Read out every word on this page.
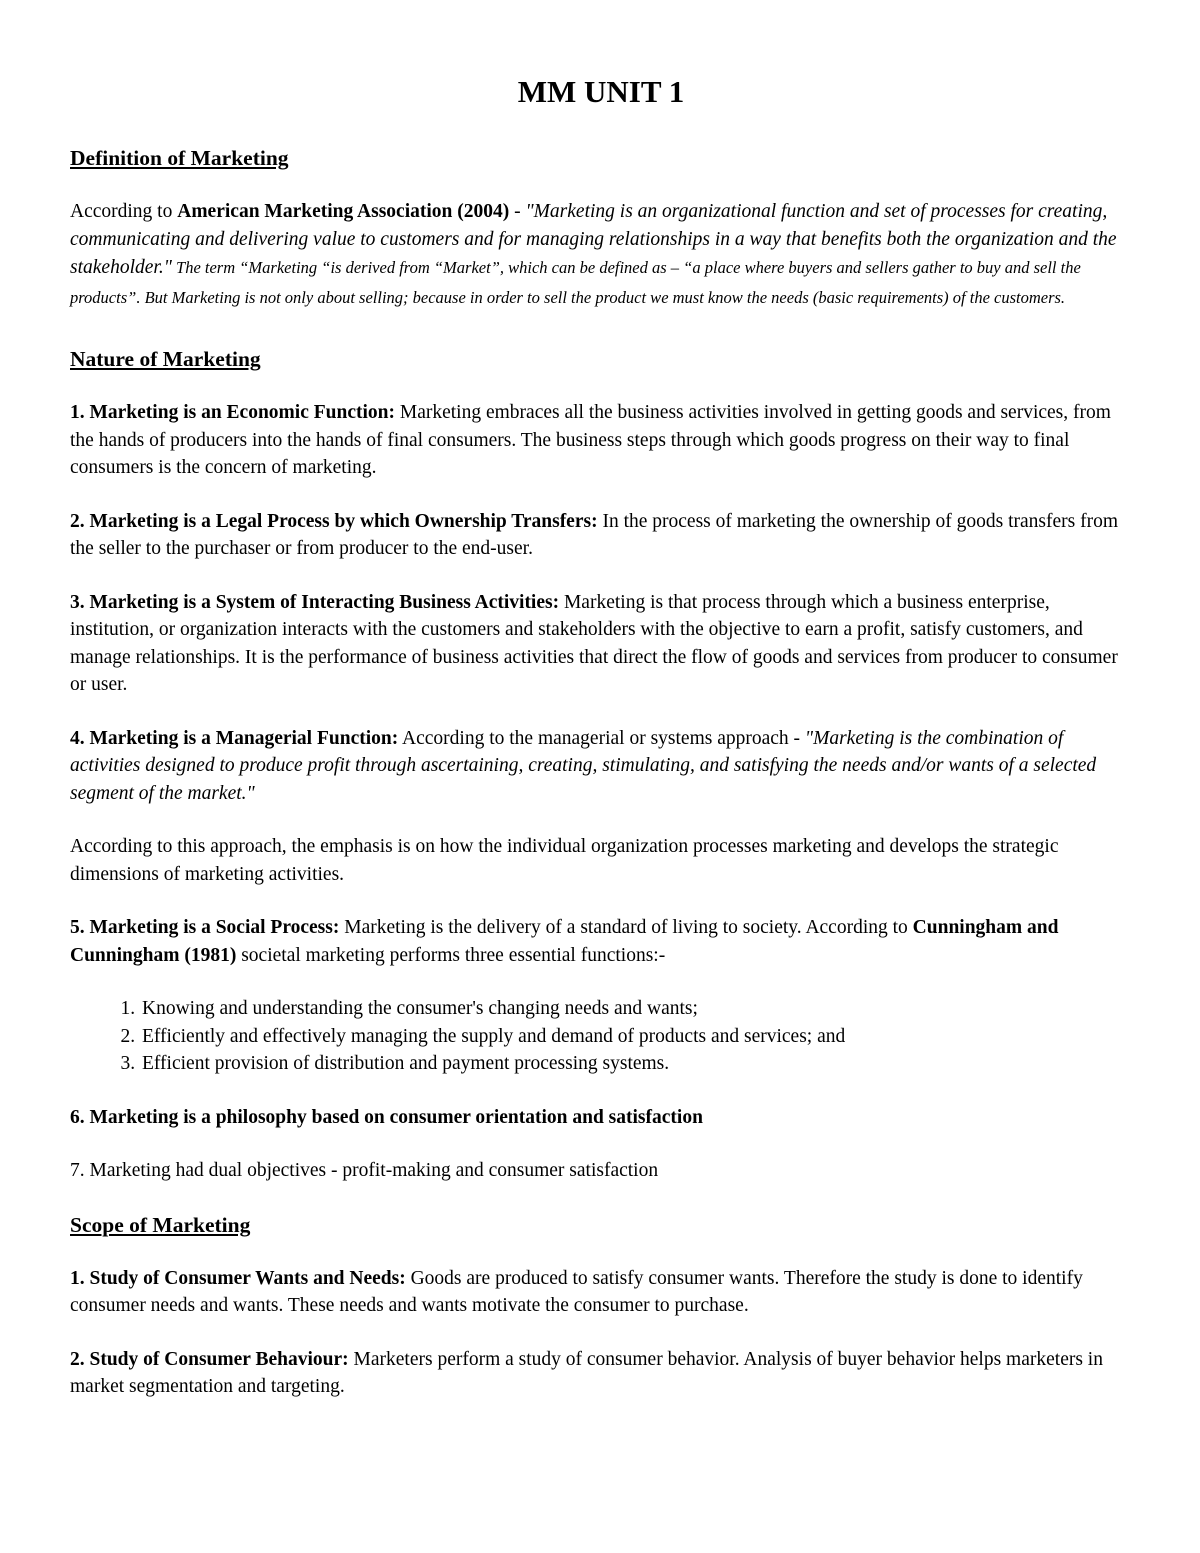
MM UNIT 1
Definition of Marketing

According to American Marketing Association (2004) - "Marketing is an organizational function and set of processes for creating, communicating and delivering value to customers and for managing relationships in a way that benefits both the organization and the stakeholder." The term “Marketing “is derived from “Market”, which can be defined as – “a place where buyers and sellers gather to buy and sell the products”. But Marketing is not only about selling; because in order to sell the product we must know the needs (basic requirements) of the customers.

Nature of Marketing

1. Marketing is an Economic Function: Marketing embraces all the business activities involved in getting goods and services, from the hands of producers into the hands of final consumers. The business steps through which goods progress on their way to final consumers is the concern of marketing.

2. Marketing is a Legal Process by which Ownership Transfers: In the process of marketing the ownership of goods transfers from the seller to the purchaser or from producer to the end-user.

3. Marketing is a System of Interacting Business Activities: Marketing is that process through which a business enterprise, institution, or organization interacts with the customers and stakeholders with the objective to earn a profit, satisfy customers, and manage relationships. It is the performance of business activities that direct the flow of goods and services from producer to consumer or user.

4. Marketing is a Managerial Function: According to the managerial or systems approach - "Marketing is the combination of activities designed to produce profit through ascertaining, creating, stimulating, and satisfying the needs and/or wants of a selected segment of the market."

According to this approach, the emphasis is on how the individual organization processes marketing and develops the strategic dimensions of marketing activities.

5. Marketing is a Social Process: Marketing is the delivery of a standard of living to society. According to Cunningham and Cunningham (1981) societal marketing performs three essential functions:-

1. Knowing and understanding the consumer's changing needs and wants;
2. Efficiently and effectively managing the supply and demand of products and services; and
3. Efficient provision of distribution and payment processing systems.

6. Marketing is a philosophy based on consumer orientation and satisfaction

7. Marketing had dual objectives - profit-making and consumer satisfaction

Scope of Marketing

1. Study of Consumer Wants and Needs: Goods are produced to satisfy consumer wants. Therefore the study is done to identify consumer needs and wants. These needs and wants motivate the consumer to purchase.

2. Study of Consumer Behaviour: Marketers perform a study of consumer behavior. Analysis of buyer behavior helps marketers in market segmentation and targeting.
